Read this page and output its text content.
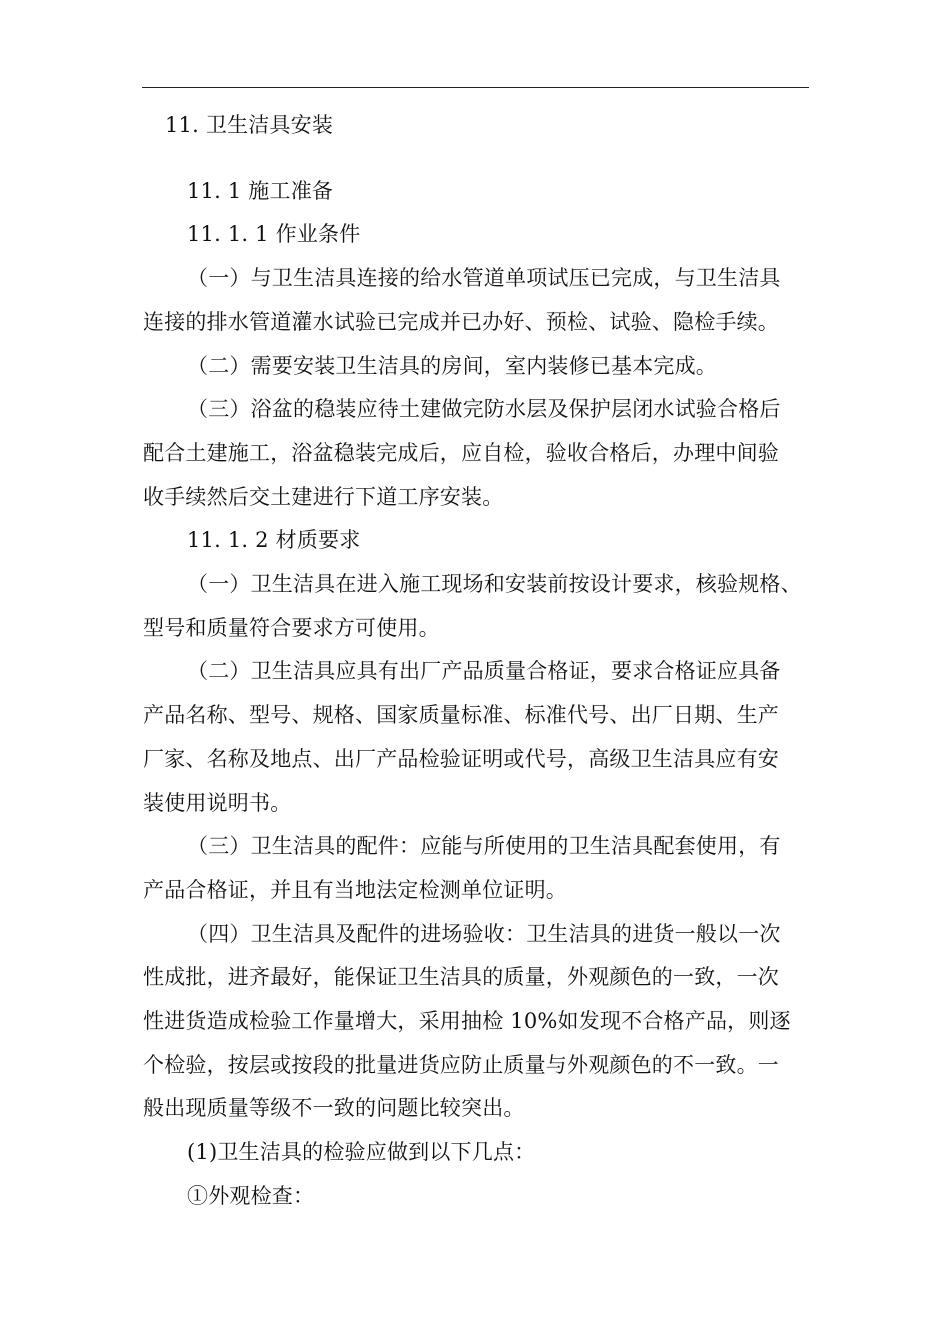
11. 卫生洁具安装
11. 1 施工准备
11. 1. 1 作业条件
（一）与卫生洁具连接的给水管道单项试压已完成，与卫生洁具
连接的排水管道灌水试验已完成并已办好、预检、试验、隐检手续。
（二）需要安装卫生洁具的房间，室内装修已基本完成。
（三）浴盆的稳装应待土建做完防水层及保护层闭水试验合格后
配合土建施工，浴盆稳装完成后，应自检，验收合格后，办理中间验
收手续然后交土建进行下道工序安装。
11. 1. 2 材质要求
（一）卫生洁具在进入施工现场和安装前按设计要求，核验规格、
型号和质量符合要求方可使用。
（二）卫生洁具应具有出厂产品质量合格证，要求合格证应具备
产品名称、型号、规格、国家质量标准、标准代号、出厂日期、生产
厂家、名称及地点、出厂产品检验证明或代号，高级卫生洁具应有安
装使用说明书。
（三）卫生洁具的配件：应能与所使用的卫生洁具配套使用，有
产品合格证，并且有当地法定检测单位证明。
（四）卫生洁具及配件的进场验收：卫生洁具的进货一般以一次
性成批，进齐最好，能保证卫生洁具的质量，外观颜色的一致，一次
性进货造成检验工作量增大，采用抽检 10%如发现不合格产品，则逐
个检验，按层或按段的批量进货应防止质量与外观颜色的不一致。一
般出现质量等级不一致的问题比较突出。
(1)卫生洁具的检验应做到以下几点：
①外观检查：
